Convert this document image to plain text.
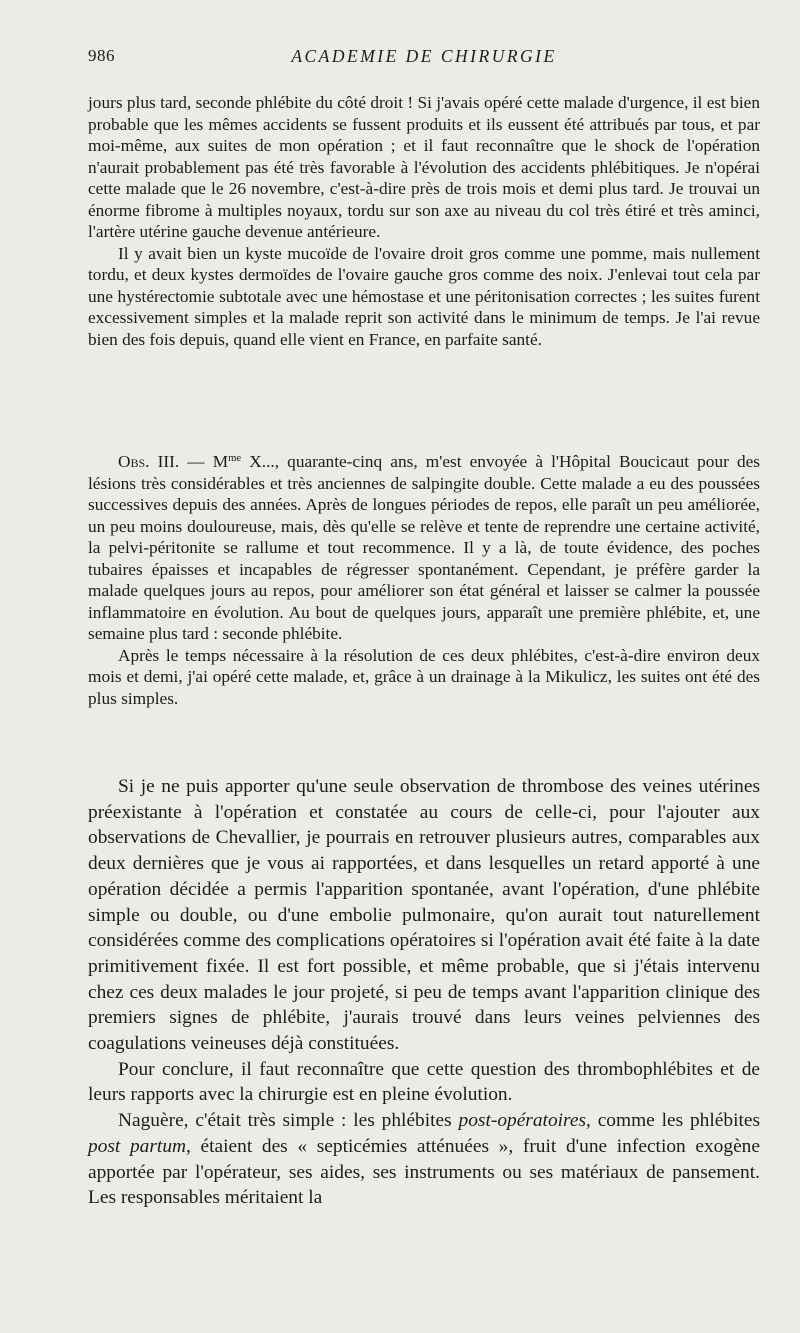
986	ACADEMIE DE CHIRURGIE

jours plus tard, seconde phlébite du côté droit ! Si j'avais opéré cette malade d'urgence, il est bien probable que les mêmes accidents se fussent produits et ils eussent été attribués par tous, et par moi-même, aux suites de mon opération ; et il faut reconnaître que le shock de l'opération n'aurait probablement pas été très favorable à l'évolution des accidents phlébitiques. Je n'opérai cette malade que le 26 novembre, c'est-à-dire près de trois mois et demi plus tard. Je trouvai un énorme fibrome à multiples noyaux, tordu sur son axe au niveau du col très étiré et très aminci, l'artère utérine gauche devenue antérieure.

Il y avait bien un kyste mucoïde de l'ovaire droit gros comme une pomme, mais nullement tordu, et deux kystes dermoïdes de l'ovaire gauche gros comme des noix. J'enlevai tout cela par une hystérectomie subtotale avec une hémostase et une péritonisation correctes ; les suites furent excessivement simples et la malade reprit son activité dans le minimum de temps. Je l'ai revue bien des fois depuis, quand elle vient en France, en parfaite santé.

Obs. III. — $M^{me}$ X..., quarante-cinq ans, m'est envoyée à l'Hôpital Boucicaut pour des lésions très considérables et très anciennes de salpingite double. Cette malade a eu des poussées successives depuis des années. Après de longues périodes de repos, elle paraît un peu améliorée, un peu moins douloureuse, mais, dès qu'elle se relève et tente de reprendre une certaine activité, la pelvi-péritonite se rallume et tout recommence. Il y a là, de toute évidence, des poches tubaires épaisses et incapables de régresser spontanément. Cependant, je préfère garder la malade quelques jours au repos, pour améliorer son état général et laisser se calmer la poussée inflammatoire en évolution. Au bout de quelques jours, apparaît une première phlébite, et, une semaine plus tard : seconde phlébite.

Après le temps nécessaire à la résolution de ces deux phlébites, c'est-à-dire environ deux mois et demi, j'ai opéré cette malade, et, grâce à un drainage à la Mikulicz, les suites ont été des plus simples.

Si je ne puis apporter qu'une seule observation de thrombose des veines utérines préexistante à l'opération et constatée au cours de celle-ci, pour l'ajouter aux observations de Chevallier, je pourrais en retrouver plusieurs autres, comparables aux deux dernières que je vous ai rapportées, et dans lesquelles un retard apporté à une opération décidée a permis l'apparition spontanée, avant l'opération, d'une phlébite simple ou double, ou d'une embolie pulmonaire, qu'on aurait tout naturellement considérées comme des complications opératoires si l'opération avait été faite à la date primitivement fixée. Il est fort possible, et même probable, que si j'étais intervenu chez ces deux malades le jour projeté, si peu de temps avant l'apparition clinique des premiers signes de phlébite, j'aurais trouvé dans leurs veines pelviennes des coagulations veineuses déjà constituées.

Pour conclure, il faut reconnaître que cette question des thrombophlébites et de leurs rapports avec la chirurgie est en pleine évolution.

Naguère, c'était très simple : les phlébites post-opératoires, comme les phlébites post partum, étaient des « septicémies atténuées », fruit d'une infection exogène apportée par l'opérateur, ses aides, ses instruments ou ses matériaux de pansement. Les responsables méritaient la
